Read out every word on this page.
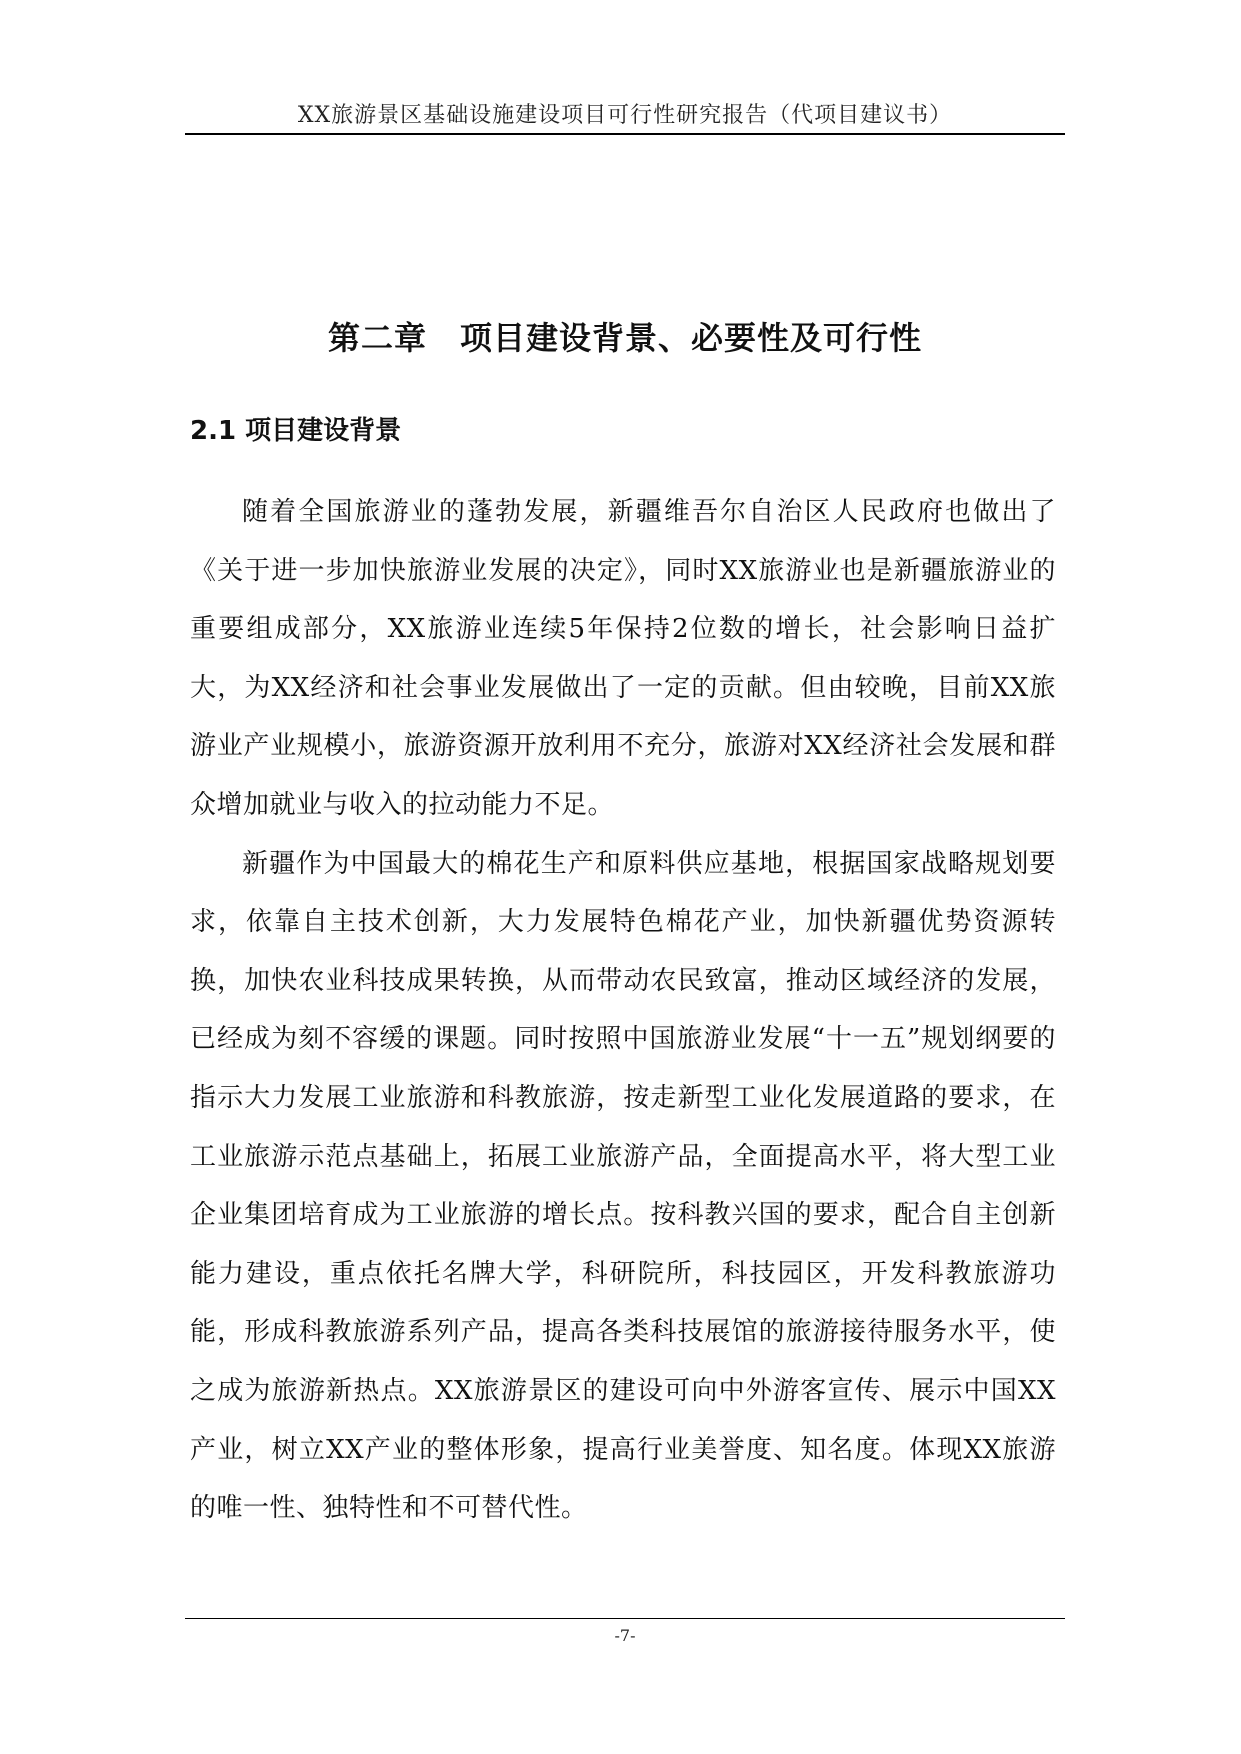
XX旅游景区基础设施建设项目可行性研究报告（代项目建议书）
第二章　项目建设背景、必要性及可行性
2.1 项目建设背景

随着全国旅游业的蓬勃发展，新疆维吾尔自治区人民政府也做出了《关于进一步加快旅游业发展的决定》，同时XX旅游业也是新疆旅游业的重要组成部分，XX旅游业连续5年保持2位数的增长，社会影响日益扩大，为XX经济和社会事业发展做出了一定的贡献。但由较晚，目前XX旅游业产业规模小，旅游资源开放利用不充分，旅游对XX经济社会发展和群众增加就业与收入的拉动能力不足。

新疆作为中国最大的棉花生产和原料供应基地，根据国家战略规划要求，依靠自主技术创新，大力发展特色棉花产业，加快新疆优势资源转换，加快农业科技成果转换，从而带动农民致富，推动区域经济的发展，已经成为刻不容缓的课题。同时按照中国旅游业发展“十一五”规划纲要的指示大力发展工业旅游和科教旅游，按走新型工业化发展道路的要求，在工业旅游示范点基础上，拓展工业旅游产品，全面提高水平，将大型工业企业集团培育成为工业旅游的增长点。按科教兴国的要求，配合自主创新能力建设，重点依托名牌大学，科研院所，科技园区，开发科教旅游功能，形成科教旅游系列产品，提高各类科技展馆的旅游接待服务水平，使之成为旅游新热点。XX旅游景区的建设可向中外游客宣传、展示中国XX产业，树立XX产业的整体形象，提高行业美誉度、知名度。体现XX旅游的唯一性、独特性和不可替代性。

-7-
